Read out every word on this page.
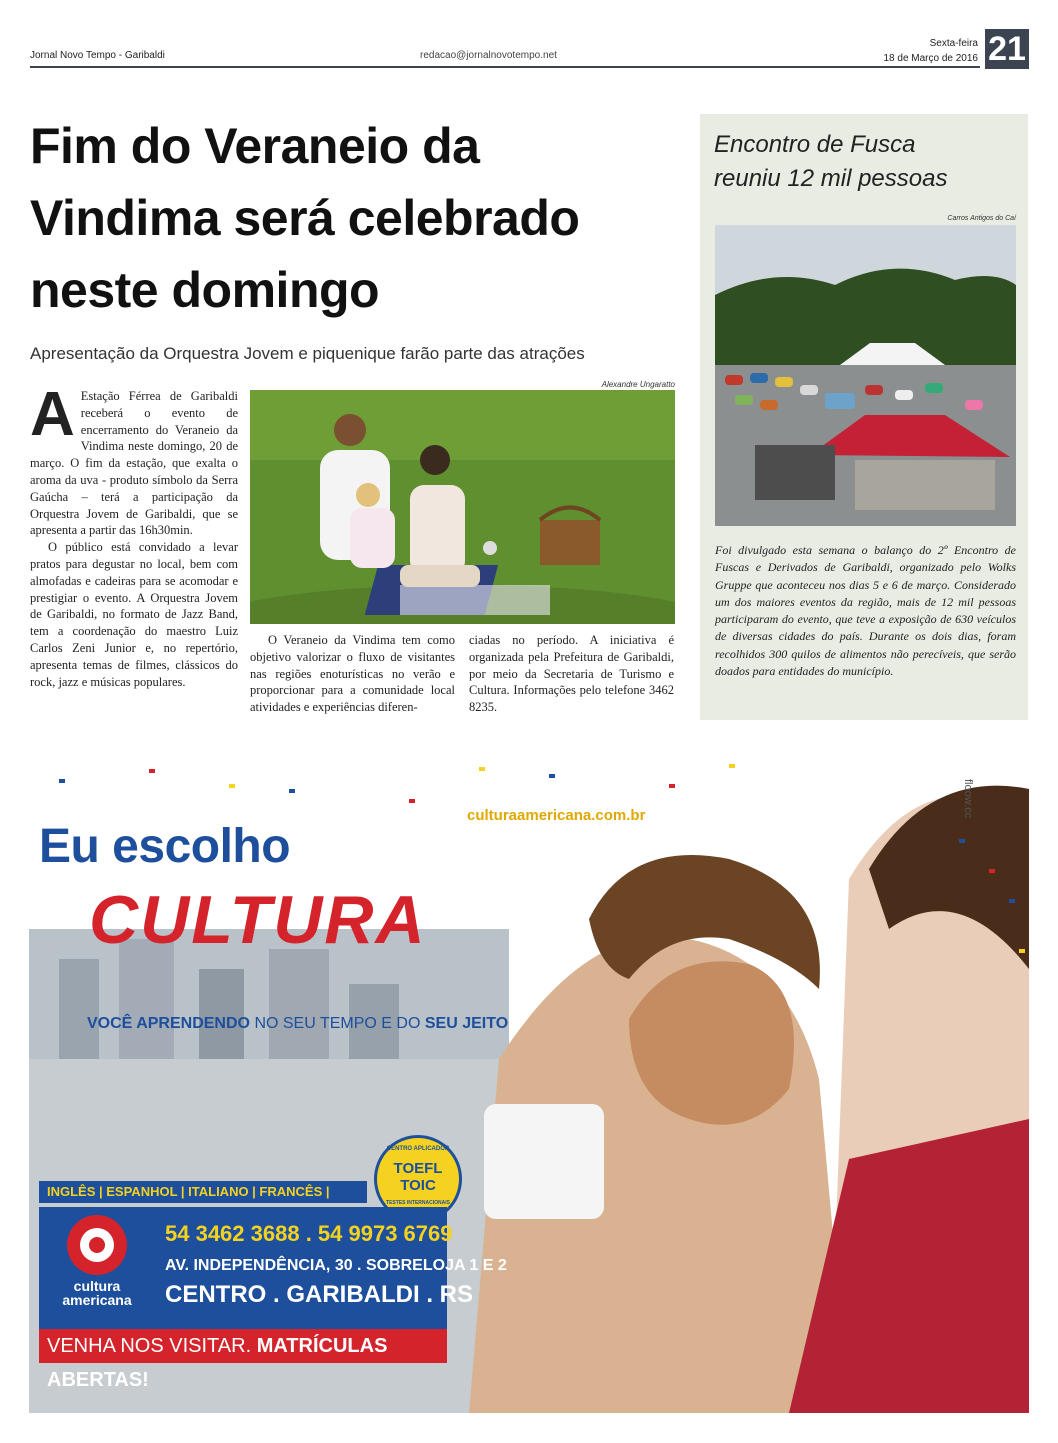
Jornal Novo Tempo - Garibaldi	redacao@jornalnovotempo.net
Sexta-feira
18 de Março de 2016 21
Fim do Veraneio da Vindima será celebrado neste domingo
Apresentação da Orquestra Jovem e piquenique farão parte das atrações
A Estação Férrea de Garibaldi receberá o evento de encerramento do Veraneio da Vindima neste domingo, 20 de março. O fim da estação, que exalta o aroma da uva - produto símbolo da Serra Gaúcha – terá a participação da Orquestra Jovem de Garibaldi, que se apresenta a partir das 16h30min.

O público está convidado a levar pratos para degustar no local, bem com almofadas e cadeiras para se acomodar e prestigiar o evento. A Orquestra Jovem de Garibaldi, no formato de Jazz Band, tem a coordenação do maestro Luiz Carlos Zeni Junior e, no repertório, apresenta temas de filmes, clássicos do rock, jazz e músicas populares.

Alexandre Ungaratto

O Veraneio da Vindima tem como objetivo valorizar o fluxo de visitantes nas regiões enoturísticas no verão e proporcionar para a comunidade local atividades e experiências diferen-

ciadas no período. A iniciativa é organizada pela Prefeitura de Garibaldi, por meio da Secretaria de Turismo e Cultura. Informações pelo telefone 3462 8235.

Encontro de Fusca
reuniu 12 mil pessoas
Carros Antigos do Caí
Foi divulgado esta semana o balanço do 2º Encontro de Fuscas e Derivados de Garibaldi, organizado pelo Wolks Gruppe que aconteceu nos dias 5 e 6 de março. Considerado um dos maiores eventos da região, mais de 12 mil pessoas participaram do evento, que teve a exposição de 630 veículos de diversas cidades do país. Durante os dois dias, foram recolhidos 300 quilos de alimentos não perecíveis, que serão doados para entidades do município.
culturaamericana.com.br	floow.cc
Eu escolho
CULTURA
VOCÊ APRENDENDO NO SEU TEMPO E DO SEU JEITO
CENTRO APLICADOR
TOEFL
TOIC
TESTES INTERNACIONAIS
INGLÊS | ESPANHOL | ITALIANO | FRANCÊS |
cultura
americana
54 3462 3688 . 54 9973 6769
AV. INDEPENDÊNCIA, 30 . SOBRELOJA 1 E 2
CENTRO . GARIBALDI . RS
VENHA NOS VISITAR. MATRÍCULAS ABERTAS!
